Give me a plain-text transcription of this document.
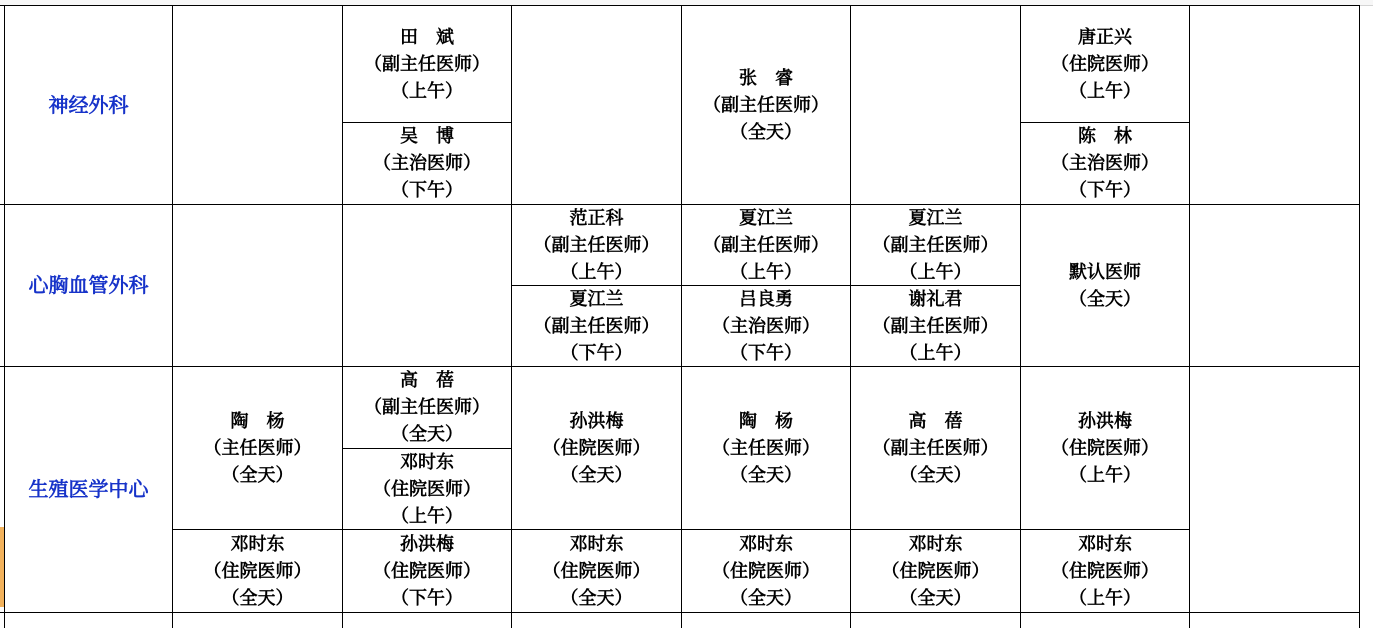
神经外科
心胸血管外科
生殖医学中心
田　斌
（副主任医师）
（上午）
吴　博
（主治医师）
（下午）
张　睿
（副主任医师）
（全天）
唐正兴
（住院医师）
（上午）
陈　林
（主治医师）
（下午）
范正科
（副主任医师）
（上午）
夏江兰
（副主任医师）
（下午）
夏江兰
（副主任医师）
（上午）
吕良勇
（主治医师）
（下午）
夏江兰
（副主任医师）
（上午）
谢礼君
（副主任医师）
（上午）
默认医师
（全天）
陶　杨
（主任医师）
（全天）
高　蓓
（副主任医师）
（全天）
邓时东
（住院医师）
（上午）
孙洪梅
（住院医师）
（全天）
陶　杨
（主任医师）
（全天）
高　蓓
（副主任医师）
（全天）
孙洪梅
（住院医师）
（上午）
邓时东
（住院医师）
（全天）
孙洪梅
（住院医师）
（下午）
邓时东
（住院医师）
（全天）
邓时东
（住院医师）
（全天）
邓时东
（住院医师）
（全天）
邓时东
（住院医师）
（上午）
